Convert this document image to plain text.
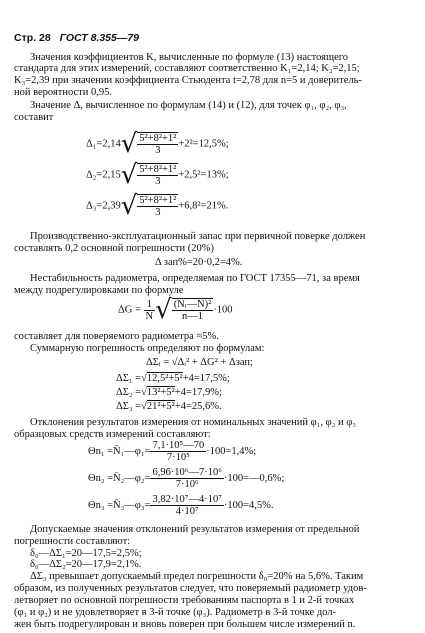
Стр. 28 ГОСТ 8.355—79
Значения коэффициентов K, вычисленные по формуле (13) настоящего
стандарта для этих измерений, составляют соответственно K₁=2,14; K₂=2,15;
K₃=2,39 при значении коэффициента Стьюдента t=2,78 для n=5 и доверитель-
ной вероятности 0,95.
Значение Δ, вычисленное по формулам (14) и (12), для точек φ₁, φ₂, φ₃,
составит
$\Delta_1=2,14√ \frac{\text{5²+8²+1²}}{3} +2^2=12,5\%$;
$\Delta_2=2,15√ \frac{\text{5²+8²+1²}}{3} +2,5^2=13\%$;
$\Delta_3=2,39√ \frac{\text{5²+8²+1²}}{3} +6,8^2=21\%$.
Производственно-эксплуатационный запас при первичной поверке должен
составлять 0,2 основной погрешности (20%)
Δ зап%=20·0,2=4%.
Нестабильность радиометра, определяемая по ГОСТ 17355—71, за время
между подрегулировками по формуле
$\Delta G = \frac{1}{N}$ √ $\frac{\text{(Nᵢ—N̄)²}}{n—1} \cdot 100$
составляет для поверяемого радиометра ≈5%.
Суммарную погрешность определяют по формулам:
ΔΣᵢ = √Δᵢ² + ΔG² + Δзап;
ΔΣ₁ =√12,5²+5²+4=17,5%;
ΔΣ₂ =√13²+5²+4=17,9%;
ΔΣ₃ =√21²+5²+4=25,6%.
Отклонения результатов измерения от номинальных значений φ₁, φ₂ и φ₃
образцовых средств измерений составляют:
Θn₁ =N̄₁—φ₁= $\frac{\text{7,1·10⁵—70}}{\text{7·10⁵}} \cdot 100=1,4\%$;
Θn₂ =N̄₂—φ₂= $\frac{\text{6,96·10⁶—7·10⁶}}{\text{7·10⁶}}$ ·100=—0,6%;
Θn₃ =N̄₃—φ₃= $\frac{\text{3,82·10⁷—4·10⁷}}{\text{4·10⁷}} \cdot 100=4,5\%$.
Допускаемые значения отклонений результатов измерения от предельной
погрешности составляют:
δ₀—ΔΣ₁=20—17,5=2,5%;
δ₀—ΔΣ₂=20—17,9=2,1%.
ΔΣ₃ превышает допускаемый предел погрешности δ₀=20% на 5,6%. Таким
образом, из полученных результатов следует, что поверяемый радиометр удов-
летворяет по основной погрешности требованиям паспорта в 1 и 2-й точках
(φ₁ и φ₂) и не удовлетворяет в 3-й точке (φ₃). Радиометр в 3-й точке дол-
жен быть подрегулирован и вновь поверен при большем числе измерений n.
